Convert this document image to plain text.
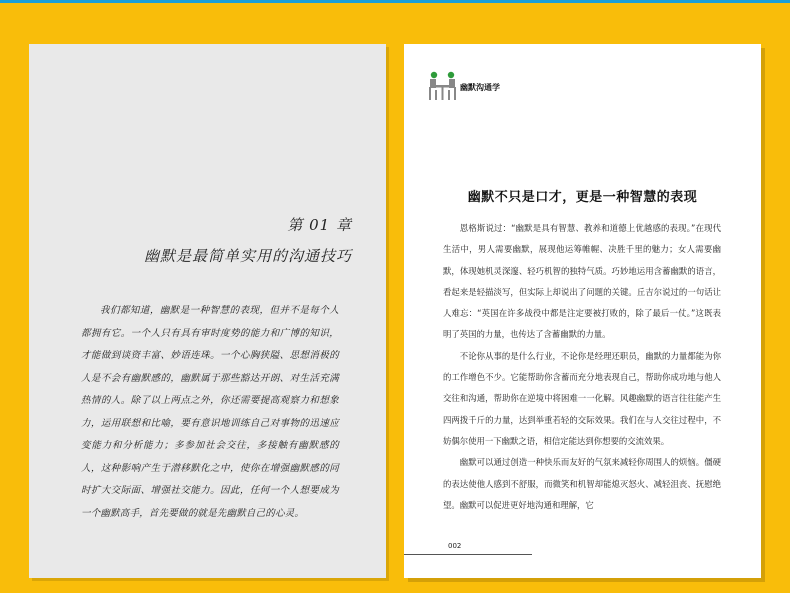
第 01 章
幽默是最简单实用的沟通技巧

我们都知道，幽默是一种智慧的表现，但并不是每个人都拥有它。一个人只有具有审时度势的能力和广博的知识，才能做到谈资丰富、妙语连珠。一个心胸狭隘、思想消极的人是不会有幽默感的，幽默属于那些豁达开朗、对生活充满热情的人。除了以上两点之外，你还需要提高观察力和想象力，运用联想和比喻，要有意识地训练自己对事物的迅速应变能力和分析能力；多参加社会交往，多接触有幽默感的人，这种影响产生于潜移默化之中，使你在增强幽默感的同时扩大交际面、增强社交能力。因此，任何一个人想要成为一个幽默高手，首先要做的就是先幽默自己的心灵。

幽默沟通学
幽默不只是口才，更是一种智慧的表现

恩格斯说过：“幽默是具有智慧、教养和道德上优越感的表现。”在现代生活中，男人需要幽默，展现他运筹帷幄、决胜千里的魅力；女人需要幽默，体现她机灵深邃、轻巧机智的独特气质。巧妙地运用含蓄幽默的语言，看起来是轻描淡写，但实际上却说出了问题的关键。丘吉尔说过的一句话让人难忘：“英国在许多战役中都是注定要被打败的，除了最后一仗。”这既表明了英国的力量，也传达了含蓄幽默的力量。

不论你从事的是什么行业，不论你是经理还职员，幽默的力量都能为你的工作增色不少。它能帮助你含蓄而充分地表现自己，帮助你成功地与他人交往和沟通，帮助你在逆境中将困难一一化解。风趣幽默的语言往往能产生四两拨千斤的力量，达到举重若轻的交际效果。我们在与人交往过程中，不妨偶尔使用一下幽默之语，相信定能达到你想要的交流效果。

幽默可以通过创造一种快乐而友好的气氛来减轻你周围人的烦恼。僵硬的表达使他人感到不舒服，而微笑和机智却能熄灭怒火、减轻沮丧、抚慰绝望。幽默可以促进更好地沟通和理解，它

002
